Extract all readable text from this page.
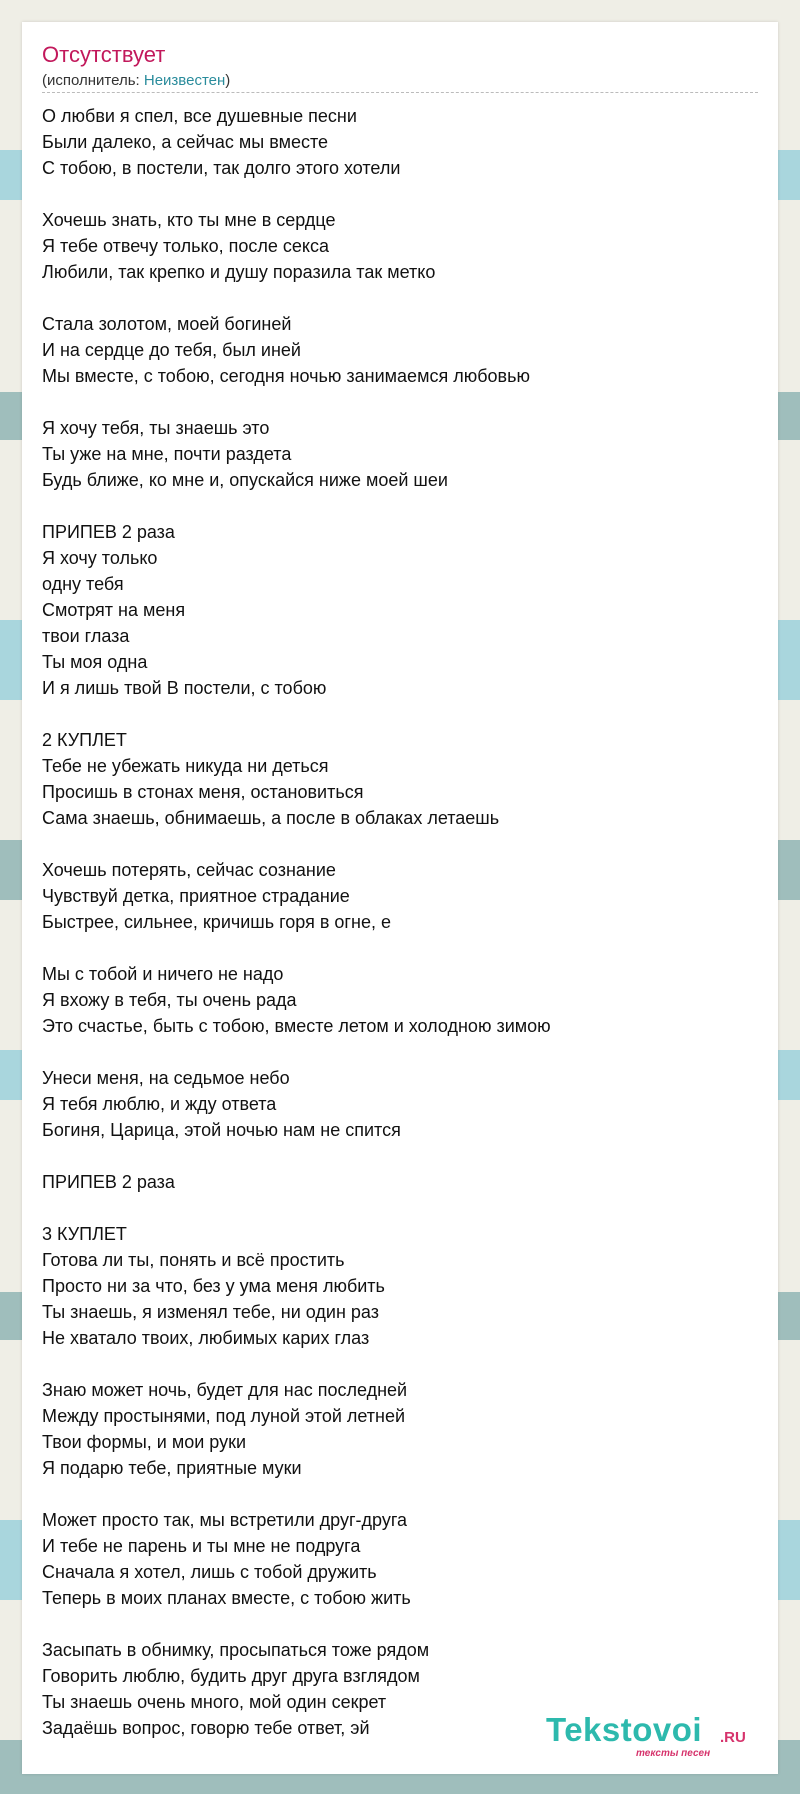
Отсутствует
(исполнитель: Неизвестен)
О любви я спел, все душевные песни
Были далеко, а сейчас мы вместе
С тобою, в постели, так долго этого хотели
Хочешь знать, кто ты мне в сердце
Я тебе отвечу только, после секса
Любили, так крепко и душу поразила так метко
Стала золотом, моей богиней
И на сердце до тебя, был иней
Мы вместе, с тобою, сегодня ночью занимаемся любовью
Я хочу тебя, ты знаешь это
Ты уже на мне, почти раздета
Будь ближе, ко мне и, опускайся ниже моей шеи
ПРИПЕВ 2 раза
Я хочу только
одну тебя
Смотрят на меня
твои глаза
Ты моя одна
И я лишь твой В постели, с тобою
2 КУПЛЕТ
Тебе не убежать никуда ни деться
Просишь в стонах меня, остановиться
Сама знаешь, обнимаешь, а после в облаках летаешь
Хочешь потерять, сейчас сознание
Чувствуй детка, приятное страдание
Быстрее, сильнее, кричишь горя в огне, е
Мы с тобой и ничего не надо
Я вхожу в тебя, ты очень рада
Это счастье, быть с тобою, вместе летом и холодною зимою
Унеси меня, на седьмое небо
Я тебя люблю, и жду ответа
Богиня, Царица, этой ночью нам не спится
ПРИПЕВ 2 раза
3 КУПЛЕТ
Готова ли ты, понять и всё простить
Просто ни за что, без у ума меня любить
Ты знаешь, я изменял тебе, ни один раз
Не хватало твоих, любимых карих глаз
Знаю может ночь, будет для нас последней
Между простынями, под луной этой летней
Твои формы, и мои руки
Я подарю тебе, приятные муки
Может просто так, мы встретили друг-друга
И тебе не парень и ты мне не подруга
Сначала я хотел, лишь с тобой дружить
Теперь в моих планах вместе, с тобою жить
Засыпать в обнимку, просыпаться тоже рядом
Говорить люблю, будить друг друга взглядом
Ты знаешь очень много, мой один секрет
Задаёшь вопрос, говорю тебе ответ, эй	Tekstovoi .RU
тексты песен
